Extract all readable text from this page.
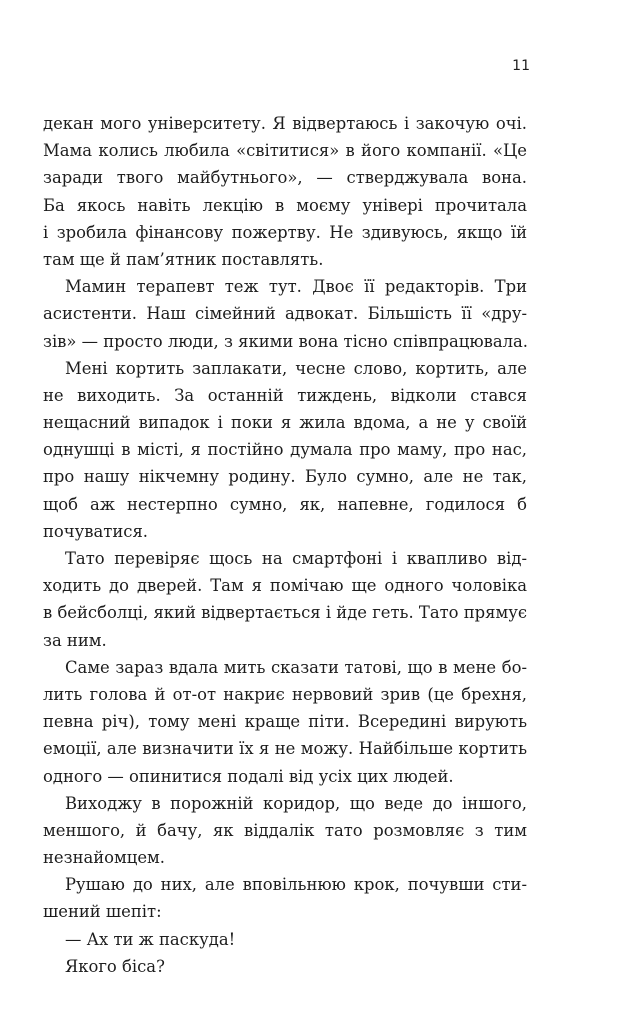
11
декан мого університету. Я відвертаюсь і закочую очі.
Мама колись любила «світитися» в його компанії. «Це
заради твого майбутнього», — стверджувала вона.
Ба якось навіть лекцію в моєму універі прочитала
і зробила фінансову пожертву. Не здивуюсь, якщо їй
там ще й пам’ятник поставлять.
Мамин терапевт теж тут. Двоє її редакторів. Три
асистенти. Наш сімейний адвокат. Більшість її «дру-
зів» — просто люди, з якими вона тісно співпрацювала.
Мені кортить заплакати, чесне слово, кортить, але
не виходить. За останній тиждень, відколи стався
нещасний випадок і поки я жила вдома, а не у своїй
однушці в місті, я постійно думала про маму, про нас,
про нашу нікчемну родину. Було сумно, але не так,
щоб аж нестерпно сумно, як, напевне, годилося б
почуватися.
Тато перевіряє щось на смартфоні і квапливо від-
ходить до дверей. Там я помічаю ще одного чоловіка
в бейсболці, який відвертається і йде геть. Тато прямує
за ним.
Саме зараз вдала мить сказати татові, що в мене бо-
лить голова й от-от накриє нервовий зрив (це брехня,
певна річ), тому мені краще піти. Всередині вирують
емоції, але визначити їх я не можу. Найбільше кортить
одного — опинитися подалі від усіх цих людей.
Виходжу в порожній коридор, що веде до іншого,
меншого, й бачу, як віддалік тато розмовляє з тим
незнайомцем.
Рушаю до них, але вповільнюю крок, почувши сти-
шений шепіт:
— Ах ти ж паскуда!
Якого біса?
